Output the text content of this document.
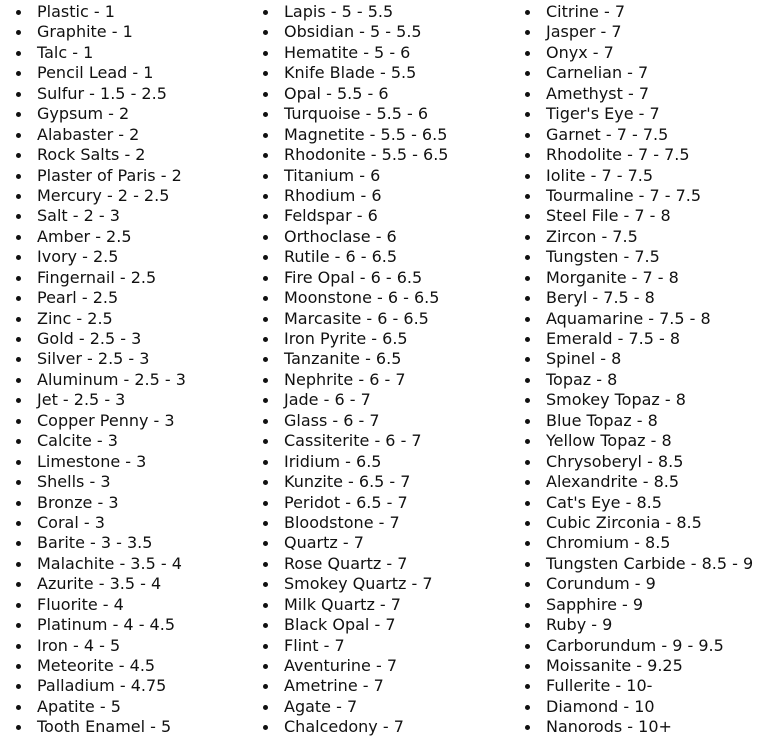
Plastic - 1
Graphite - 1
Talc - 1
Pencil Lead - 1
Sulfur - 1.5 - 2.5
Gypsum - 2
Alabaster - 2
Rock Salts - 2
Plaster of Paris - 2
Mercury - 2 - 2.5
Salt - 2 - 3
Amber - 2.5
Ivory - 2.5
Fingernail - 2.5
Pearl - 2.5
Zinc - 2.5
Gold - 2.5 - 3
Silver - 2.5 - 3
Aluminum - 2.5 - 3
Jet - 2.5 - 3
Copper Penny - 3
Calcite - 3
Limestone - 3
Shells - 3
Bronze - 3
Coral - 3
Barite - 3 - 3.5
Malachite - 3.5 - 4
Azurite - 3.5 - 4
Fluorite - 4
Platinum - 4 - 4.5
Iron - 4 - 5
Meteorite - 4.5
Palladium - 4.75
Apatite - 5
Tooth Enamel - 5
Lapis - 5 - 5.5
Obsidian - 5 - 5.5
Hematite - 5 - 6
Knife Blade - 5.5
Opal - 5.5 - 6
Turquoise - 5.5 - 6
Magnetite - 5.5 - 6.5
Rhodonite - 5.5 - 6.5
Titanium - 6
Rhodium - 6
Feldspar - 6
Orthoclase - 6
Rutile - 6 - 6.5
Fire Opal - 6 - 6.5
Moonstone - 6 - 6.5
Marcasite - 6 - 6.5
Iron Pyrite - 6.5
Tanzanite - 6.5
Nephrite - 6 - 7
Jade - 6 - 7
Glass - 6 - 7
Cassiterite - 6 - 7
Iridium - 6.5
Kunzite - 6.5 - 7
Peridot - 6.5 - 7
Bloodstone - 7
Quartz - 7
Rose Quartz - 7
Smokey Quartz - 7
Milk Quartz - 7
Black Opal - 7
Flint - 7
Aventurine - 7
Ametrine - 7
Agate - 7
Chalcedony - 7
Citrine - 7
Jasper - 7
Onyx - 7
Carnelian - 7
Amethyst - 7
Tiger's Eye - 7
Garnet - 7 - 7.5
Rhodolite - 7 - 7.5
Iolite - 7 - 7.5
Tourmaline - 7 - 7.5
Steel File - 7 - 8
Zircon - 7.5
Tungsten - 7.5
Morganite - 7 - 8
Beryl - 7.5 - 8
Aquamarine - 7.5 - 8
Emerald - 7.5 - 8
Spinel - 8
Topaz - 8
Smokey Topaz - 8
Blue Topaz - 8
Yellow Topaz - 8
Chrysoberyl - 8.5
Alexandrite - 8.5
Cat's Eye - 8.5
Cubic Zirconia - 8.5
Chromium - 8.5
Tungsten Carbide - 8.5 - 9
Corundum - 9
Sapphire - 9
Ruby - 9
Carborundum - 9 - 9.5
Moissanite - 9.25
Fullerite - 10-
Diamond - 10
Nanorods - 10+
